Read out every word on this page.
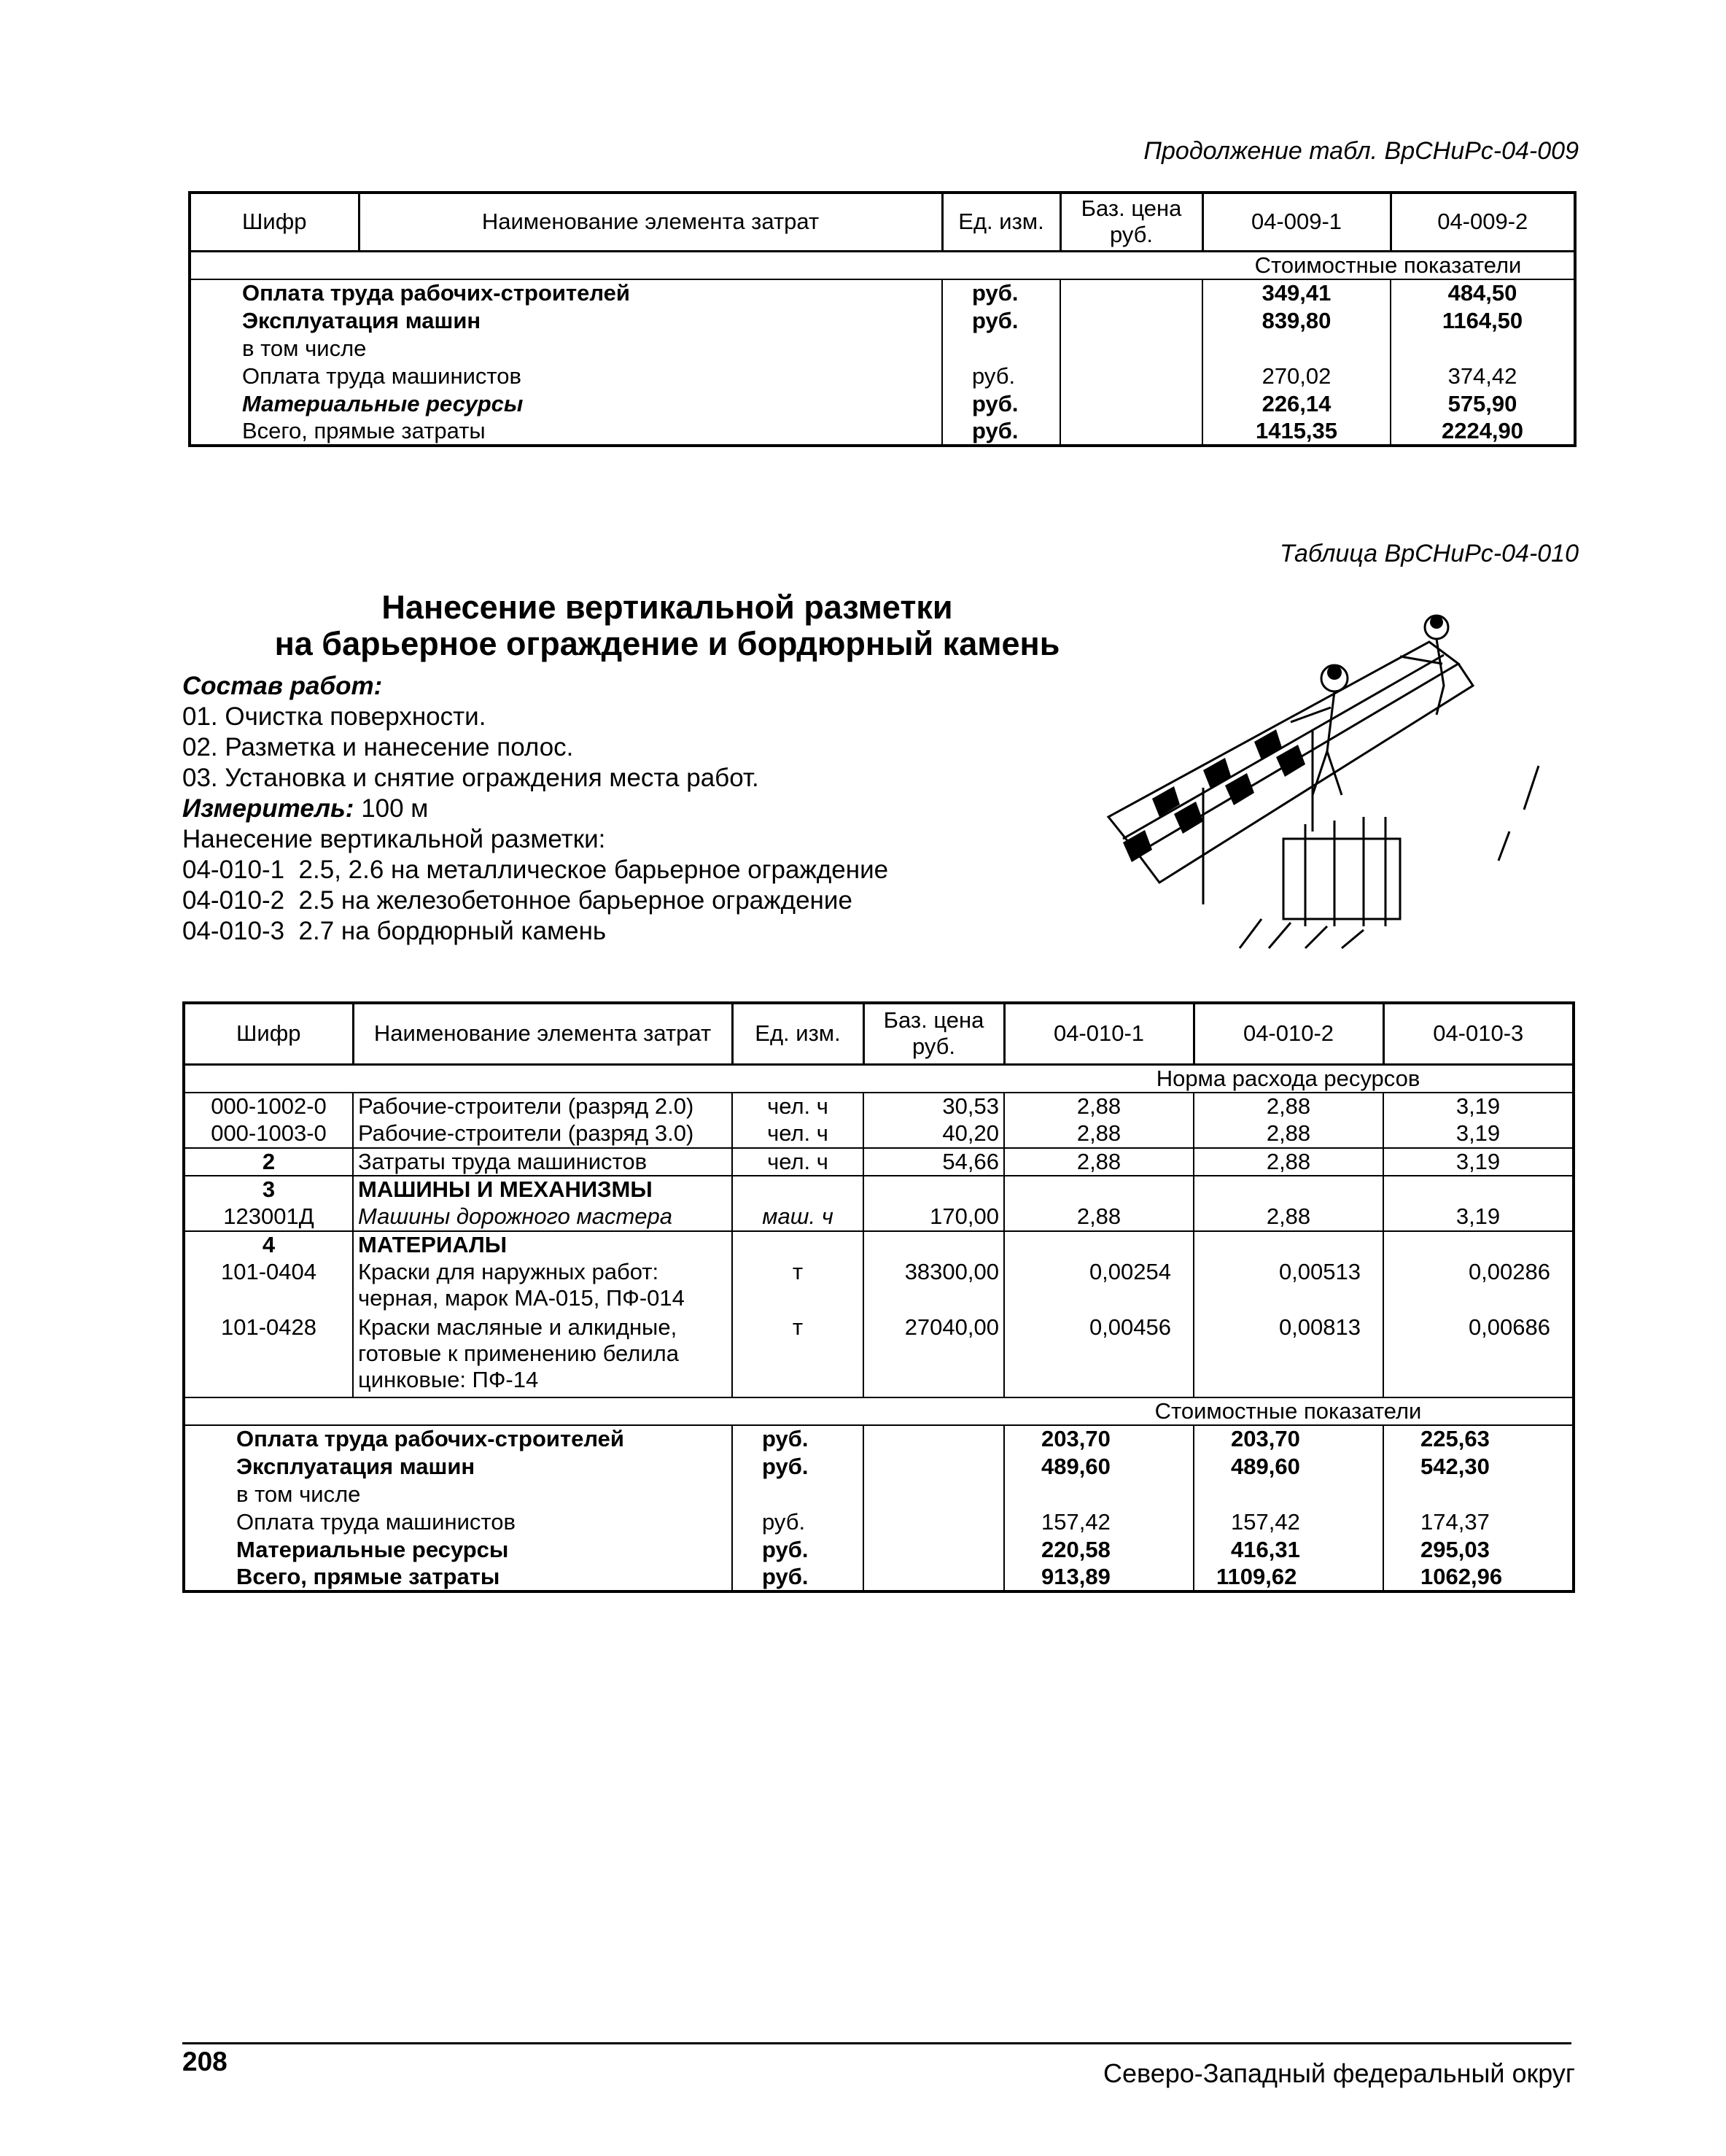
Продолжение табл. ВрСНиРс-04-009
Шифр	Наименование элемента затрат	Ед. изм.	Баз. цена руб.	04-009-1	04-009-2
				Стоимостные показатели	
Оплата труда рабочих-строителей		руб.		349,41	484,50
Эксплуатация машин		руб.		839,80	1164,50
в том числе					
Оплата труда машинистов		руб.		270,02	374,42
Материальные ресурсы		руб.		226,14	575,90
Всего, прямые затраты		руб.		1415,35	2224,90
Таблица ВрСНиРс-04-010
Нанесение вертикальной разметки
на барьерное ограждение и бордюрный камень
Состав работ:
01. Очистка поверхности.
02. Разметка и нанесение полос.
03. Установка и снятие ограждения места работ.
Измеритель: 100 м
Нанесение вертикальной разметки:
04-010-1  2.5, 2.6 на металлическое барьерное ограждение
04-010-2  2.5 на железобетонное барьерное ограждение
04-010-3  2.7 на бордюрный камень
Шифр	Наименование элемента затрат	Ед. изм.	Баз. цена руб.	04-010-1	04-010-2	04-010-3
				Норма расхода ресурсов		
000-1002-0	Рабочие-строители (разряд 2.0)	чел. ч	30,53	2,88	2,88	3,19
000-1003-0	Рабочие-строители (разряд 3.0)	чел. ч	40,20	2,88	2,88	3,19
2	Затраты труда машинистов	чел. ч	54,66	2,88	2,88	3,19
3	МАШИНЫ И МЕХАНИЗМЫ					
123001Д	Машины дорожного мастера	маш. ч	170,00	2,88	2,88	3,19
4	МАТЕРИАЛЫ					
101-0404	Краски для наружных работ:
черная, марок МА-015, ПФ-014	т	38300,00	0,00254	0,00513	0,00286
101-0428	Краски масляные и алкидные,
готовые к применению белила
цинковые: ПФ-14	т	27040,00	0,00456	0,00813	0,00686
				Стоимостные показатели		
Оплата труда рабочих-строителей		руб.		203,70	203,70	225,63
Эксплуатация машин		руб.		489,60	489,60	542,30
в том числе						
Оплата труда машинистов		руб.		157,42	157,42	174,37
Материальные ресурсы		руб.		220,58	416,31	295,03
Всего, прямые затраты		руб.		913,89	1109,62	1062,96
208	Северо-Западный федеральный округ
